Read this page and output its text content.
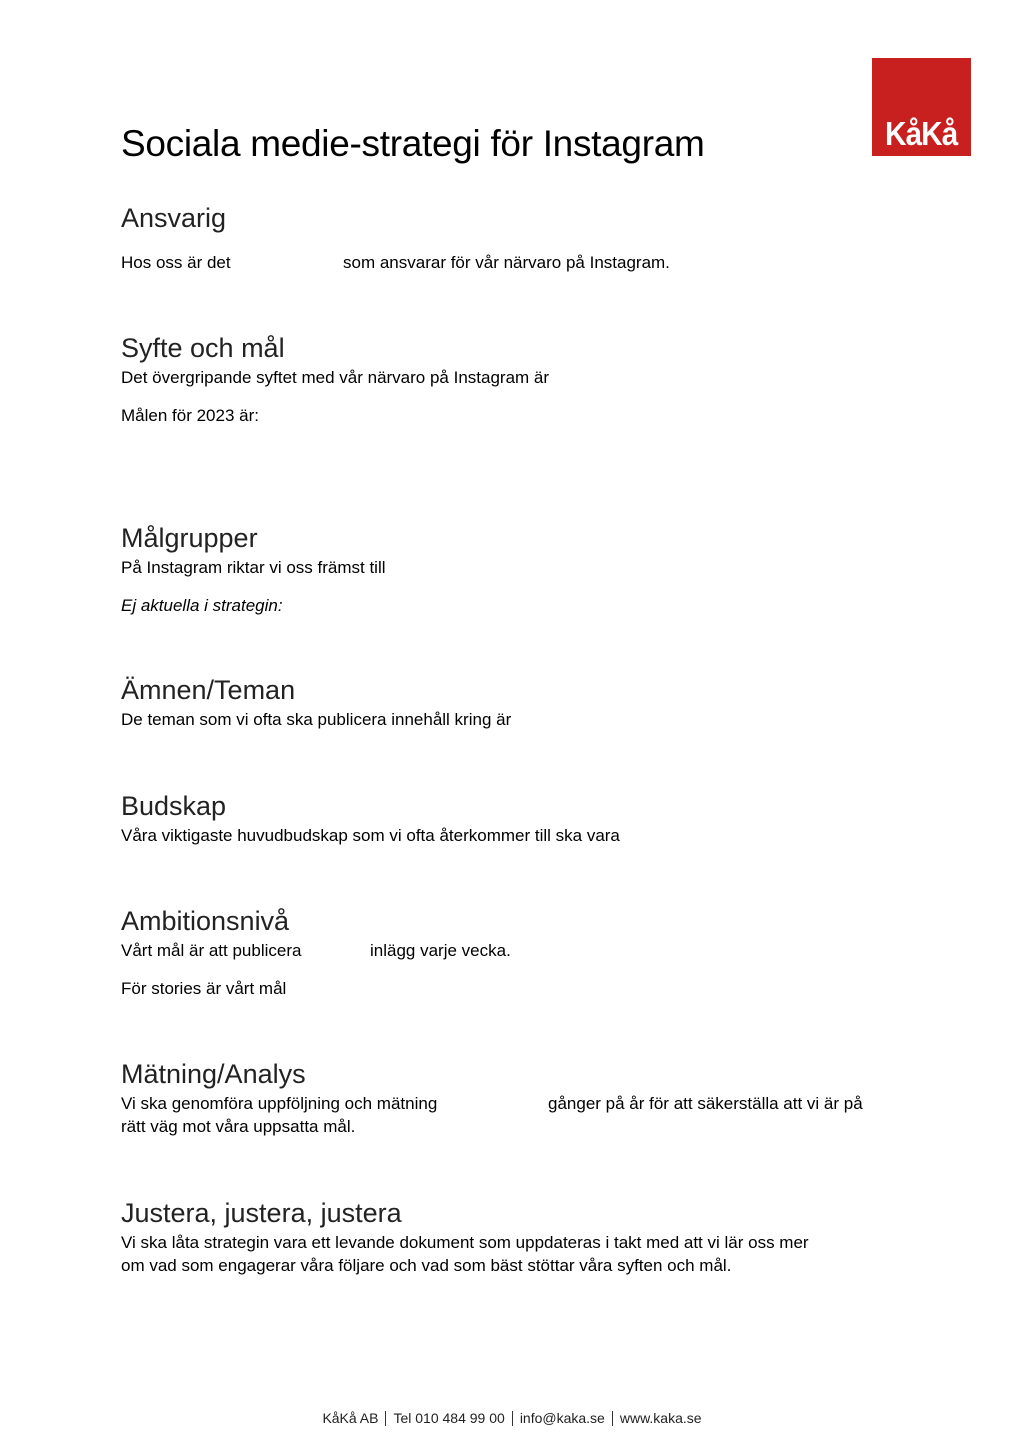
KåKå
Sociala medie-strategi för Instagram
Ansvarig
Hos oss är det	som ansvarar för vår närvaro på Instagram.
Syfte och mål
Det övergripande syftet med vår närvaro på Instagram är
Målen för 2023 är:
Målgrupper
På Instagram riktar vi oss främst till
Ej aktuella i strategin:
Ämnen/Teman
De teman som vi ofta ska publicera innehåll kring är
Budskap
Våra viktigaste huvudbudskap som vi ofta återkommer till ska vara
Ambitionsnivå
Vårt mål är att publicera	inlägg varje vecka.
För stories är vårt mål
Mätning/Analys
Vi ska genomföra uppföljning och mätning	gånger på år för att säkerställa att vi är på
rätt väg mot våra uppsatta mål.
Justera, justera, justera
Vi ska låta strategin vara ett levande dokument som uppdateras i takt med att vi lär oss mer
om vad som engagerar våra följare och vad som bäst stöttar våra syften och mål.
KåKå AB Tel 010 484 99 00 info@kaka.se www.kaka.se
